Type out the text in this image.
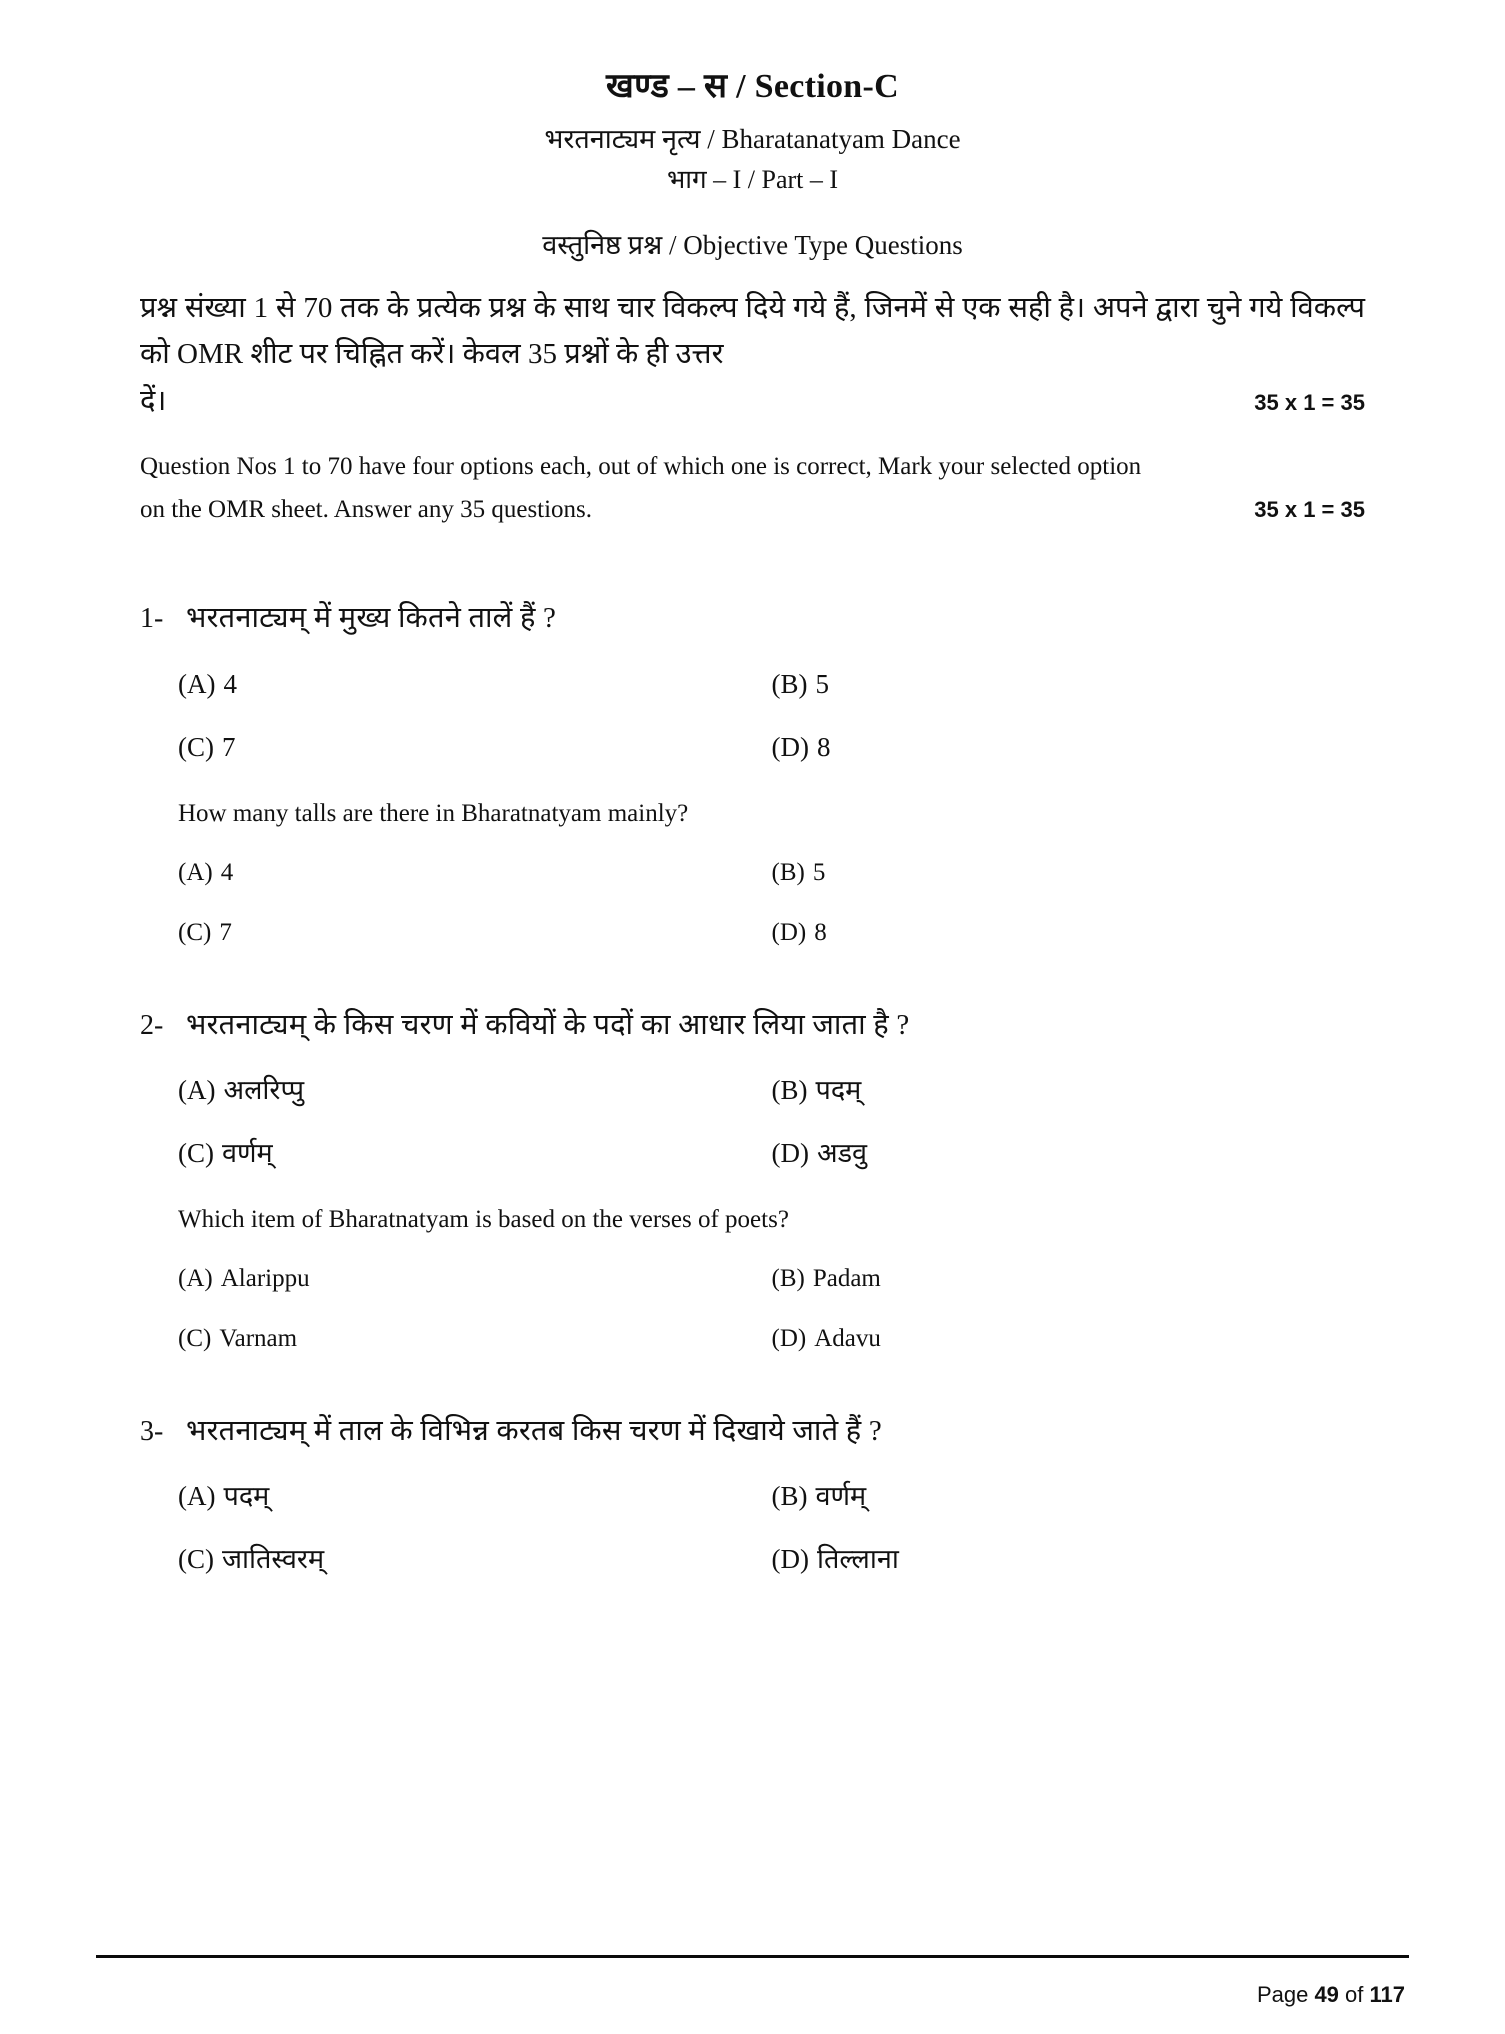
खण्ड – स / Section-C
भरतनाट्यम नृत्य / Bharatanatyam Dance
भाग – I / Part – I
वस्तुनिष्ठ प्रश्न / Objective Type Questions
प्रश्न संख्या 1 से 70 तक के प्रत्येक प्रश्न के साथ चार विकल्प दिये गये हैं, जिनमें से एक सही है। अपने द्वारा चुने गये विकल्प को OMR शीट पर चिह्नित करें। केवल 35 प्रश्नों के ही उत्तर
दें।	35 x 1 = 35
Question Nos 1 to 70 have four options each, out of which one is correct, Mark your selected option
on the OMR sheet. Answer any 35 questions.	35 x 1 = 35
1- भरतनाट्यम् में मुख्य कितने तालें हैं ?
(A) 4	(B) 5
(C) 7	(D) 8
How many talls are there in Bharatnatyam mainly?
(A) 4	(B) 5
(C) 7	(D) 8
2- भरतनाट्यम् के किस चरण में कवियों के पदों का आधार लिया जाता है ?
(A) अलरिप्पु	(B) पदम्
(C) वर्णम्	(D) अडवु
Which item of Bharatnatyam is based on the verses of poets?
(A) Alarippu	(B) Padam
(C) Varnam	(D) Adavu
3- भरतनाट्यम् में ताल के विभिन्न करतब किस चरण में दिखाये जाते हैं ?
(A) पदम्	(B) वर्णम्
(C) जातिस्वरम्	(D) तिल्लाना
Page 49 of 117
